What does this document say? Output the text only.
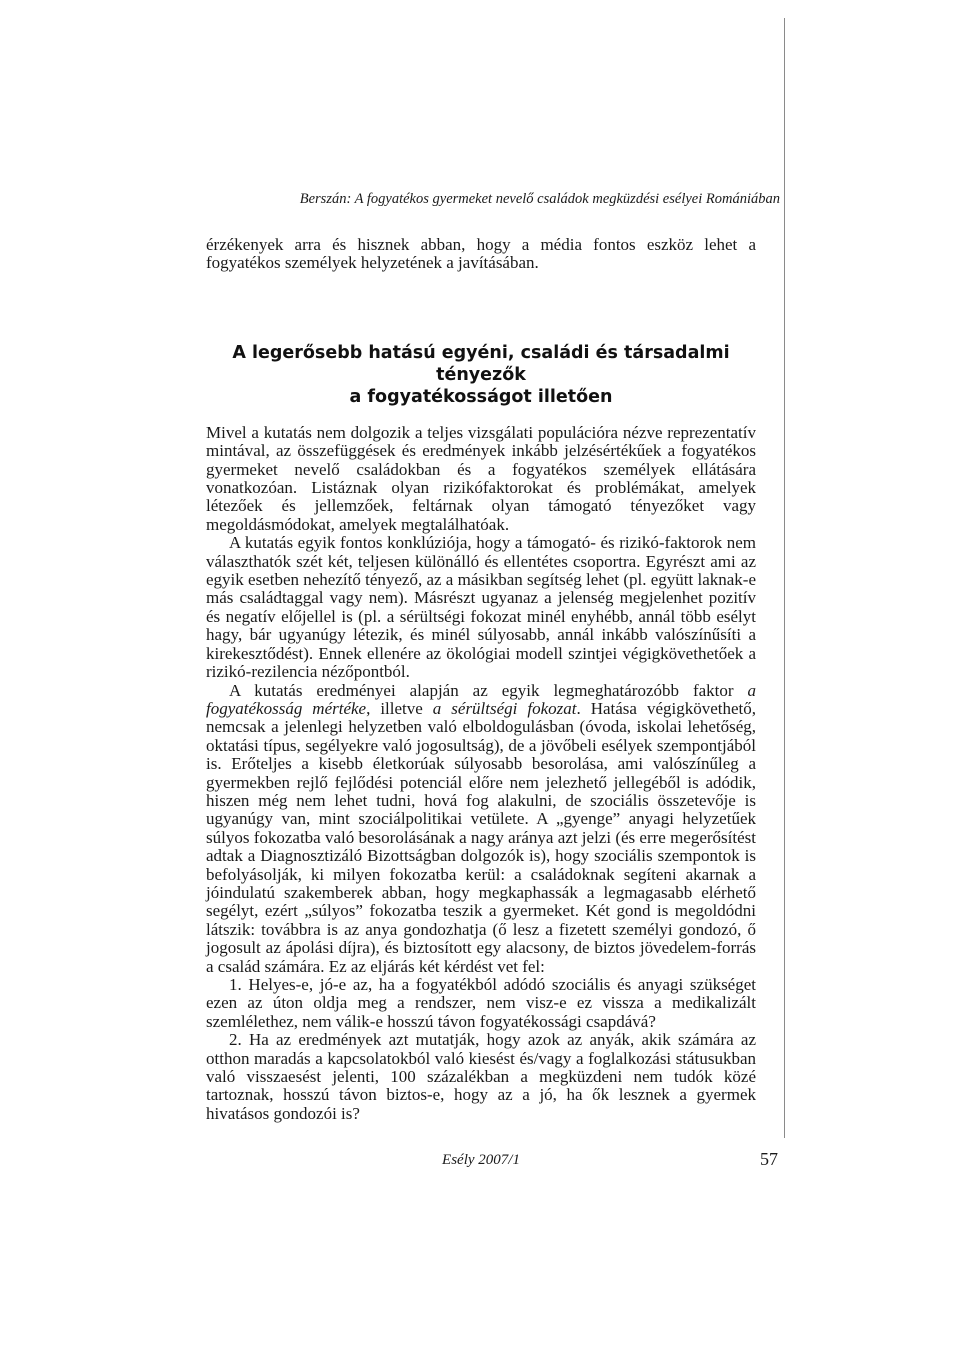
Berszán: A fogyatékos gyermeket nevelő családok megküzdési esélyei Romániában

érzékenyek arra és hisznek abban, hogy a média fontos eszköz lehet a fogyatékos személyek helyzetének a javításában.

A legerősebb hatású egyéni, családi és társadalmi tényezők
a fogyatékosságot illetően

Mivel a kutatás nem dolgozik a teljes vizsgálati populációra nézve reprezentatív mintával, az összefüggések és eredmények inkább jelzésértékűek a fogyatékos gyermeket nevelő családokban és a fogyatékos személyek ellátására vonatkozóan. Listáznak olyan rizikófaktorokat és problémákat, amelyek létezőek és jellemzőek, feltárnak olyan támogató tényezőket vagy megoldásmódokat, amelyek megtalálhatóak.

A kutatás egyik fontos konklúziója, hogy a támogató- és rizikó-faktorok nem választhatók szét két, teljesen különálló és ellentétes csoportra. Egyrészt ami az egyik esetben nehezítő tényező, az a másikban segítség lehet (pl. együtt laknak-e más családtaggal vagy nem). Másrészt ugyanaz a jelenség megjelenhet pozitív és negatív előjellel is (pl. a sérültségi fokozat minél enyhébb, annál több esélyt hagy, bár ugyanúgy létezik, és minél súlyosabb, annál inkább valószínűsíti a kirekesztődést). Ennek ellenére az ökológiai modell szintjei végigkövethetőek a rizikó-rezilencia nézőpontból.

A kutatás eredményei alapján az egyik legmeghatározóbb faktor a fogyatékosság mértéke, illetve a sérültségi fokozat. Hatása végigkövethető, nemcsak a jelenlegi helyzetben való elboldogulásban (óvoda, iskolai lehetőség, oktatási típus, segélyekre való jogosultság), de a jövőbeli esélyek szempontjából is. Erőteljes a kisebb életkorúak súlyosabb besorolása, ami valószínűleg a gyermekben rejlő fejlődési potenciál előre nem jelezhető jellegéből is adódik, hiszen még nem lehet tudni, hová fog alakulni, de szociális összetevője is ugyanúgy van, mint szociálpolitikai vetülete. A „gyenge” anyagi helyzetűek súlyos fokozatba való besorolásának a nagy aránya azt jelzi (és erre megerősítést adtak a Diagnosztizáló Bizottságban dolgozók is), hogy szociális szempontok is befolyásolják, ki milyen fokozatba kerül: a családoknak segíteni akarnak a jóindulatú szakemberek abban, hogy megkaphassák a legmagasabb elérhető segélyt, ezért „súlyos” fokozatba teszik a gyermeket. Két gond is megoldódni látszik: továbbra is az anya gondozhatja (ő lesz a fizetett személyi gondozó, ő jogosult az ápolási díjra), és biztosított egy alacsony, de biztos jövedelem-forrás a család számára. Ez az eljárás két kérdést vet fel:

1. Helyes-e, jó-e az, ha a fogyatékból adódó szociális és anyagi szükséget ezen az úton oldja meg a rendszer, nem visz-e ez vissza a medikalizált szemlélethez, nem válik-e hosszú távon fogyatékossági csapdává?

2. Ha az eredmények azt mutatják, hogy azok az anyák, akik számára az otthon maradás a kapcsolatokból való kiesést és/vagy a foglalkozási státusukban való visszaesést jelenti, 100 százalékban a megküzdeni nem tudók közé tartoznak, hosszú távon biztos-e, hogy az a jó, ha ők lesznek a gyermek hivatásos gondozói is?

Esély 2007/1	57
